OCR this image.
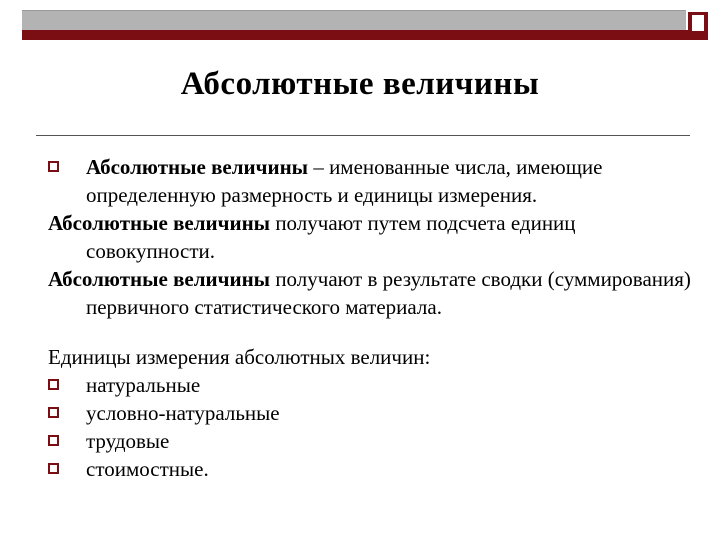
Абсолютные величины

Абсолютные величины – именованные числа, имеющие определенную размерность и единицы измерения.

Абсолютные величины получают путем подсчета единиц совокупности.

Абсолютные величины получают в результате сводки (суммирования) первичного статистического материала.

Единицы измерения абсолютных величин:

натуральные

условно-натуральные

трудовые

стоимостные.
